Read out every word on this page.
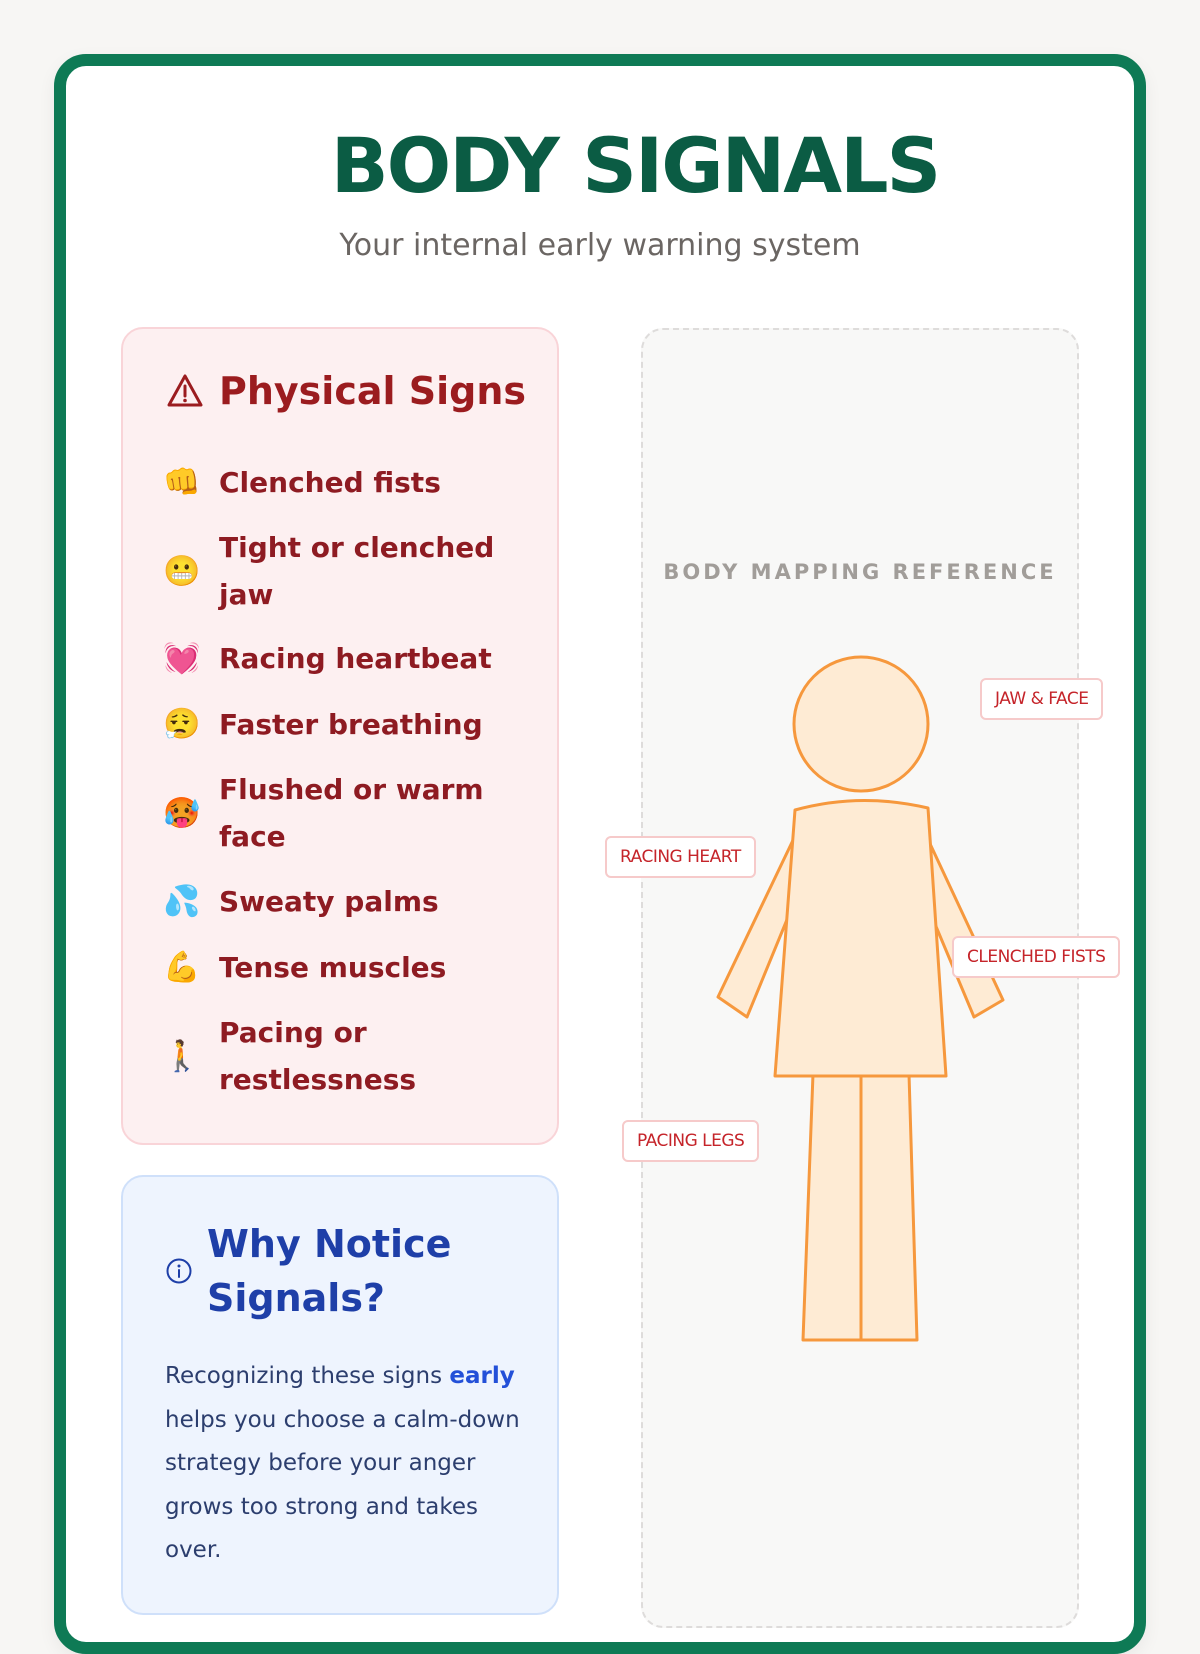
BODY SIGNALS

Your internal early warning system

Physical Signs
👊 Clenched fists
😬
Tight or clenched jaw
💓 Racing heartbeat
😮‍💨 Faster breathing
🥵
Flushed or warm face
💦 Sweaty palms
💪 Tense muscles
🚶
Pacing or restlessness
Why Notice Signals?

Recognizing these signs early helps you choose a calm-down strategy before your anger grows too strong and takes over.

BODY MAPPING REFERENCE
JAW & FACE
RACING HEART
CLENCHED FISTS
PACING LEGS
